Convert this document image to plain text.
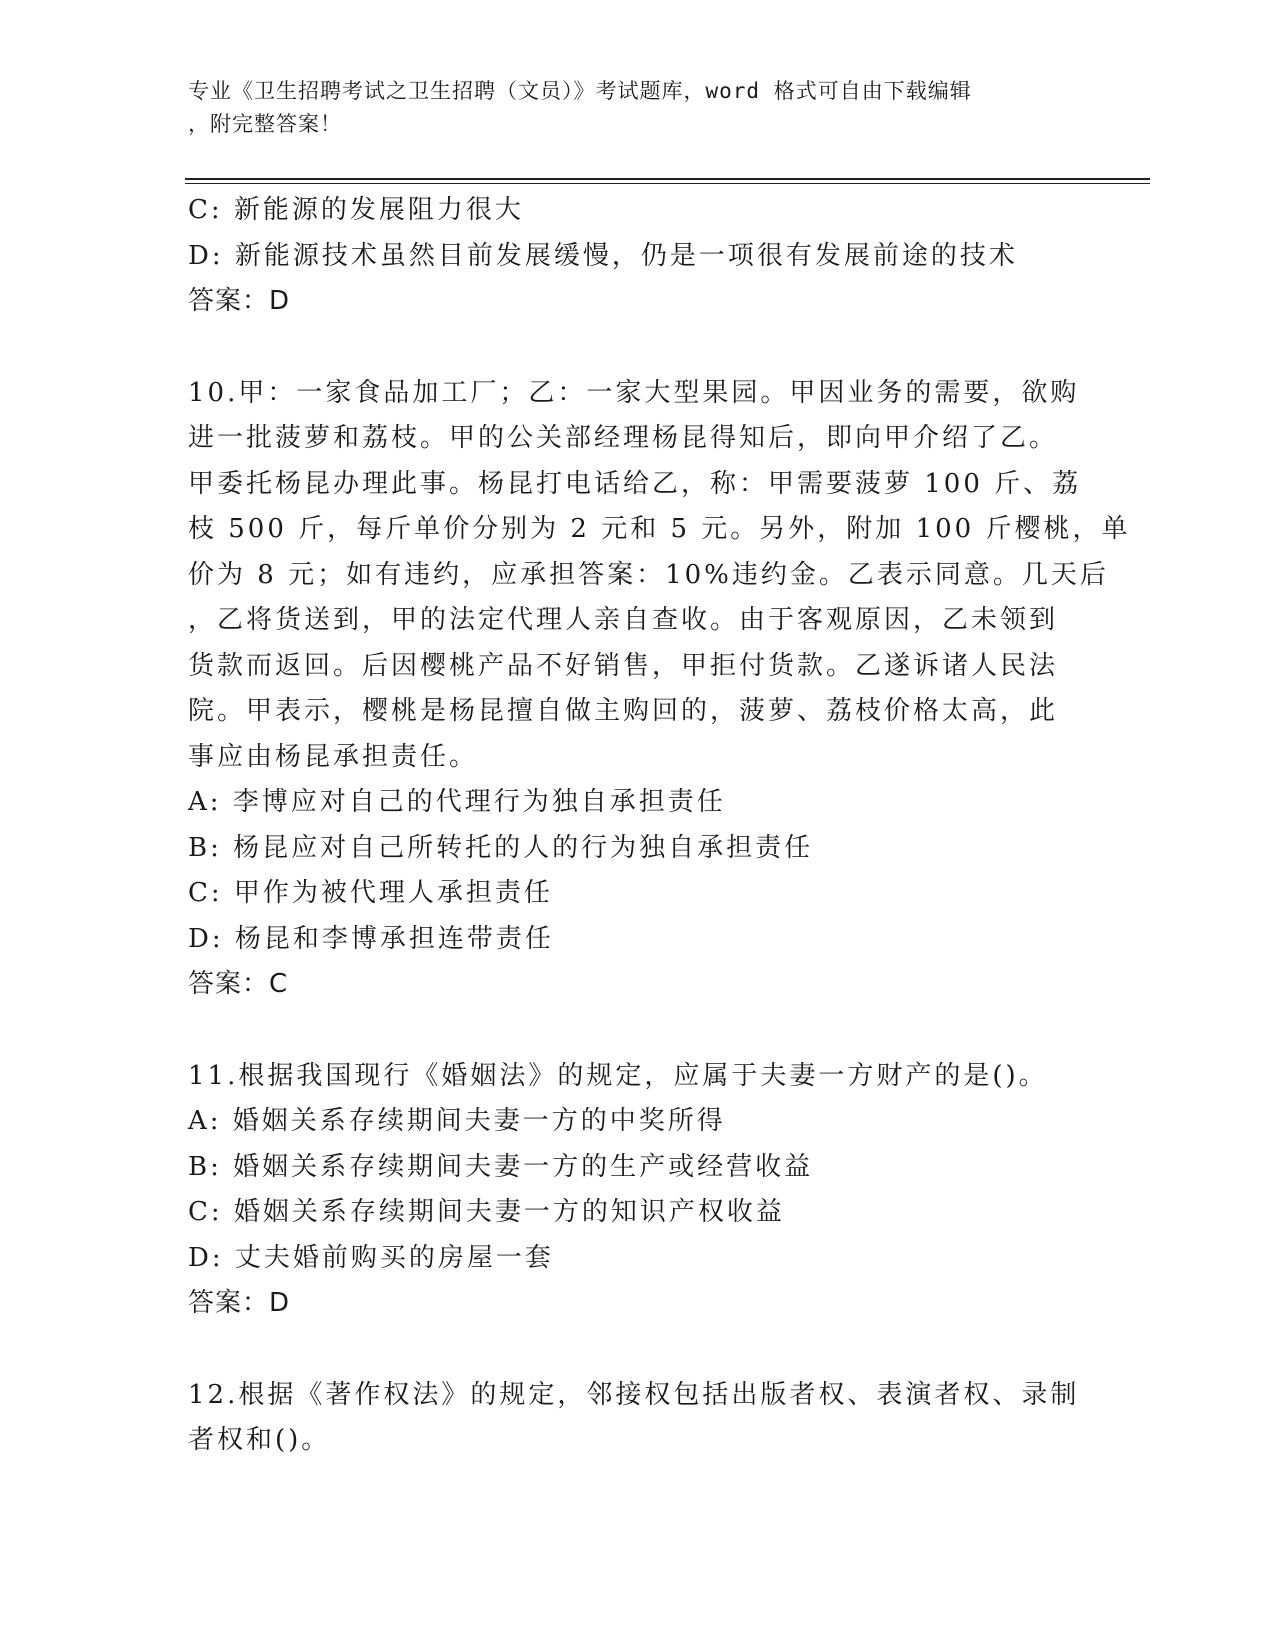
专业《卫生招聘考试之卫生招聘（文员）》考试题库，word 格式可自由下载编辑
，附完整答案！
C: 新能源的发展阻力很大
D: 新能源技术虽然目前发展缓慢，仍是一项很有发展前途的技术
答案：D
10.甲：一家食品加工厂；乙：一家大型果园。甲因业务的需要，欲购
进一批菠萝和荔枝。甲的公关部经理杨昆得知后，即向甲介绍了乙。
甲委托杨昆办理此事。杨昆打电话给乙，称：甲需要菠萝 100 斤、荔
枝 500 斤，每斤单价分别为 2 元和 5 元。另外，附加 100 斤樱桃，单
价为 8 元；如有违约，应承担答案：10%违约金。乙表示同意。几天后
，乙将货送到，甲的法定代理人亲自查收。由于客观原因，乙未领到
货款而返回。后因樱桃产品不好销售，甲拒付货款。乙遂诉诸人民法
院。甲表示，樱桃是杨昆擅自做主购回的，菠萝、荔枝价格太高，此
事应由杨昆承担责任。
A: 李博应对自己的代理行为独自承担责任
B: 杨昆应对自己所转托的人的行为独自承担责任
C: 甲作为被代理人承担责任
D: 杨昆和李博承担连带责任
答案：C
11.根据我国现行《婚姻法》的规定，应属于夫妻一方财产的是()。
A: 婚姻关系存续期间夫妻一方的中奖所得
B: 婚姻关系存续期间夫妻一方的生产或经营收益
C: 婚姻关系存续期间夫妻一方的知识产权收益
D: 丈夫婚前购买的房屋一套
答案：D
12.根据《著作权法》的规定，邻接权包括出版者权、表演者权、录制
者权和()。
